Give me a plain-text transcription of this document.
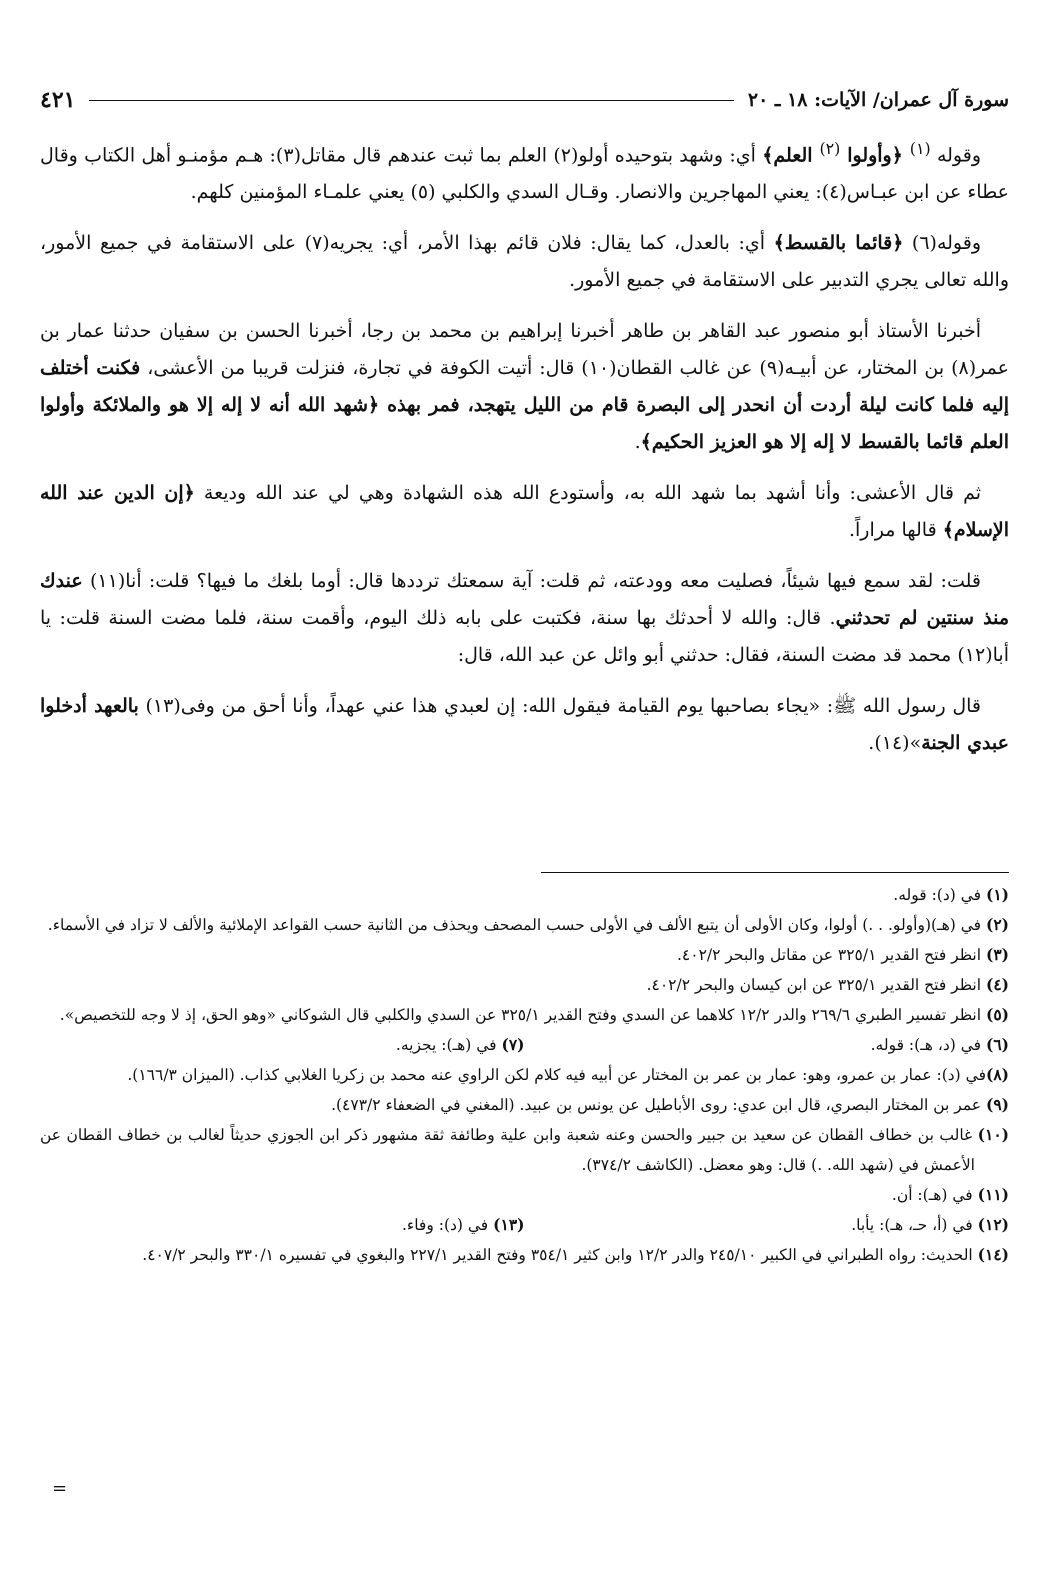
سورة آل عمران/ الآيات: ١٨ ـ ٢٠
٤٢١

وقوله $^{(١)}$ ﴿وأولوا $^{(٢)}$ العلم﴾ أي: وشهد بتوحيده أولو(٢) العلم بما ثبت عندهم قال مقاتل(٣): هـم مؤمنـو أهل الكتاب وقال عطاء عن ابن عبـاس(٤): يعني المهاجرين والانصار. وقـال السدي والكلبي (٥) يعني علمـاء المؤمنين كلهم.

وقوله(٦) ﴿قائما بالقسط﴾ أي: بالعدل، كما يقال: فلان قائم بهذا الأمر، أي: يجريه(٧) على الاستقامة في جميع الأمور، والله تعالى يجري التدبير على الاستقامة في جميع الأمور.

أخبرنا الأستاذ أبو منصور عبد القاهر بن طاهر أخبرنا إبراهيم بن محمد بن رجا، أخبرنا الحسن بن سفيان حدثنا عمار بن عمر(٨) بن المختار، عن أبيـه(٩) عن غالب القطان(١٠) قال: أتيت الكوفة في تجارة، فنزلت قريبا من الأعشى، فكنت أختلف إليه فلما كانت ليلة أردت أن انحدر إلى البصرة قام من الليل يتهجد، فمر بهذه ﴿شهد الله أنه لا إله إلا هو والملائكة وأولوا العلم قائما بالقسط لا إله إلا هو العزيز الحكيم﴾.

ثم قال الأعشى: وأنا أشهد بما شهد الله به، وأستودع الله هذه الشهادة وهي لي عند الله وديعة ﴿إن الدين عند الله الإسلام﴾ قالها مراراً.

قلت: لقد سمع فيها شيئاً، فصليت معه وودعته، ثم قلت: آية سمعتك ترددها قال: أوما بلغك ما فيها؟ قلت: أنا(١١) عندك منذ سنتين لم تحدثني. قال: والله لا أحدثك بها سنة، فكتبت على بابه ذلك اليوم، وأقمت سنة، فلما مضت السنة قلت: يا أبا(١٢) محمد قد مضت السنة، فقال: حدثني أبو وائل عن عبد الله، قال:

قال رسول الله ﷺ: «يجاء بصاحبها يوم القيامة فيقول الله: إن لعبدي هذا عني عهداً، وأنا أحق من وفى(١٣) بالعهد أدخلوا عبدي الجنة»(١٤).

(١) في (د): قوله.

(٢) في (هـ)(وأولو. . .) أولوا، وكان الأولى أن يتبع الألف في الأولى حسب المصحف ويحذف من الثانية حسب القواعد الإملائية والألف لا تزاد في الأسماء.

(٣) انظر فتح القدير ٣٢٥/١ عن مقاتل والبحر ٤٠٢/٢.

(٤) انظر فتح القدير ٣٢٥/١ عن ابن كيسان والبحر ٤٠٢/٢.

(٥) انظر تفسير الطبري ٢٦٩/٦ والدر ١٢/٢ كلاهما عن السدي وفتح القدير ٣٢٥/١ عن السدي والكلبي قال الشوكاني «وهو الحق، إذ لا وجه للتخصيص».

(٦) في (د، هـ): قوله.

(٧) في (هـ): يجزيه.

(٨)في (د): عمار بن عمرو، وهو: عمار بن عمر بن المختار عن أبيه فيه كلام لكن الراوي عنه محمد بن زكريا الغلابي كذاب. (الميزان ١٦٦/٣).

(٩) عمر بن المختار البصري، قال ابن عدي: روى الأباطيل عن يونس بن عبيد. (المغني في الضعفاء ٤٧٣/٢).

(١٠) غالب بن خطاف القطان عن سعيد بن جبير والحسن وعنه شعبة وابن علية وطائفة ثقة مشهور ذكر ابن الجوزي حديثاً لغالب بن خطاف القطان عن الأعمش في (شهد الله. .) قال: وهو معضل. (الكاشف ٣٧٤/٢).

(١١) في (هـ): أن.

(١٢) في (أ، حـ، هـ): يأبا.

(١٣) في (د): وفاء.

(١٤) الحديث: رواه الطبراني في الكبير ٢٤٥/١٠ والدر ١٢/٢ وابن كثير ٣٥٤/١ وفتح القدير ٢٢٧/١ والبغوي في تفسيره ٣٣٠/١ والبحر ٤٠٧/٢.

=
